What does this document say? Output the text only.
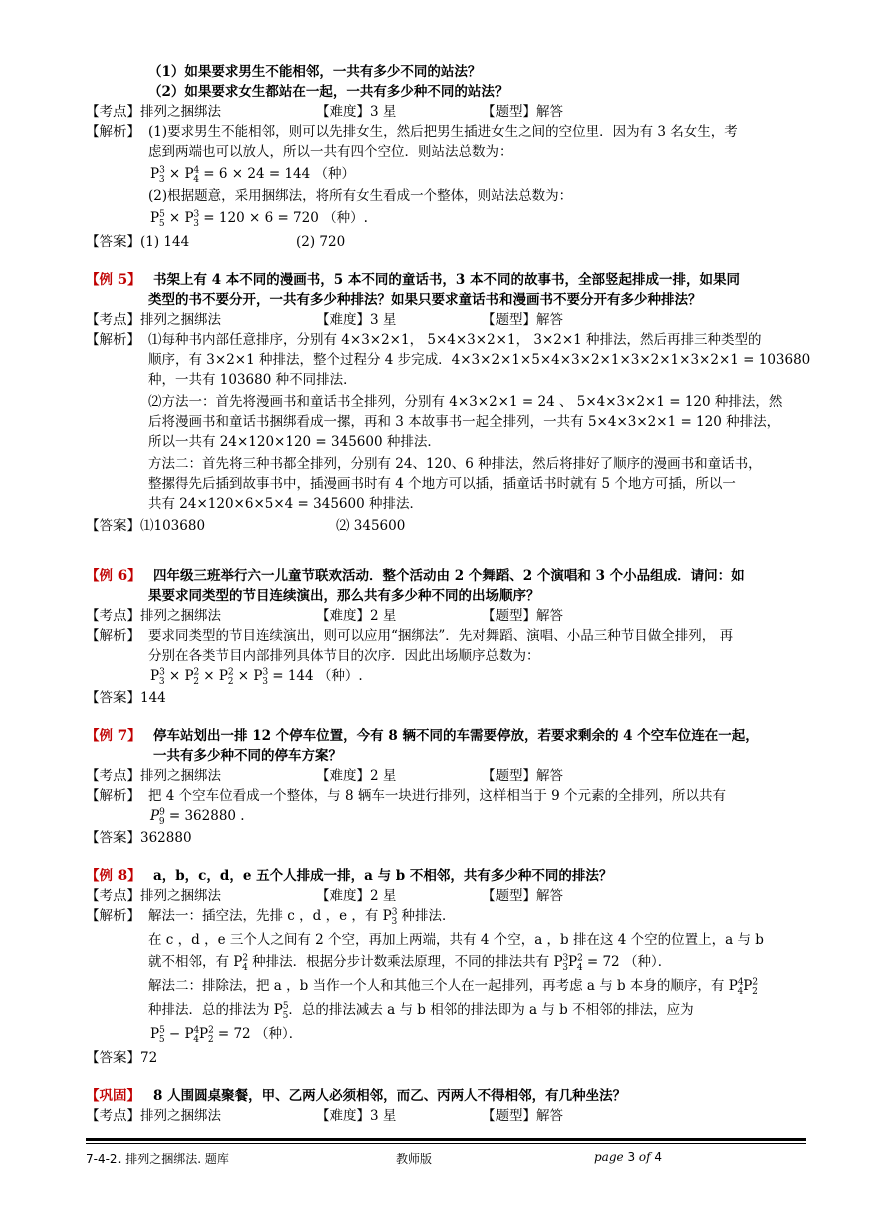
（1）如果要求男生不能相邻，一共有多少不同的站法？
（2）如果要求女生都站在一起，一共有多少种不同的站法？
【考点】排列之捆绑法	【难度】3 星	【题型】解答
【解析】 (1)要求男生不能相邻，则可以先排女生，然后把男生插进女生之间的空位里．因为有 3 名女生，考
虑到两端也可以放人，所以一共有四个空位．则站法总数为：
$P^3_3 \times P^4_4 = 6 \times 24 = 144$ （种）
(2)根据题意，采用捆绑法，将所有女生看成一个整体，则站法总数为：
$P^5_5 \times P^3_3 = 120 \times 6 = 720$ （种）.
【答案】(1) 144	(2) 720
【例 5】 书架上有 4 本不同的漫画书，5 本不同的童话书，3 本不同的故事书，全部竖起排成一排，如果同
类型的书不要分开，一共有多少种排法？如果只要求童话书和漫画书不要分开有多少种排法？
【考点】排列之捆绑法	【难度】3 星	【题型】解答
【解析】 ⑴每种书内部任意排序，分别有 4×3×2×1， 5×4×3×2×1， 3×2×1 种排法，然后再排三种类型的
顺序，有 3×2×1 种排法，整个过程分 4 步完成．4×3×2×1×5×4×3×2×1×3×2×1×3×2×1 = 103680
种，一共有 103680 种不同排法．
⑵方法一：首先将漫画书和童话书全排列，分别有 4×3×2×1 = 24 、 5×4×3×2×1 = 120 种排法，然
后将漫画书和童话书捆绑看成一摞，再和 3 本故事书一起全排列，一共有 5×4×3×2×1 = 120 种排法，
所以一共有 24×120×120 = 345600 种排法．
方法二：首先将三种书都全排列，分别有 24、120、6 种排法，然后将排好了顺序的漫画书和童话书，
整摞得先后插到故事书中，插漫画书时有 4 个地方可以插，插童话书时就有 5 个地方可插，所以一
共有 24×120×6×5×4 = 345600 种排法．
【答案】⑴103680	⑵ 345600
【例 6】 四年级三班举行六一儿童节联欢活动．整个活动由 2 个舞蹈、2 个演唱和 3 个小品组成．请问：如
果要求同类型的节目连续演出，那么共有多少种不同的出场顺序？
【考点】排列之捆绑法	【难度】2 星	【题型】解答
【解析】 要求同类型的节目连续演出，则可以应用“捆绑法”．先对舞蹈、演唱、小品三种节目做全排列， 再
分别在各类节目内部排列具体节目的次序．因此出场顺序总数为：
$P^3_3 \times P^2_2 \times P^2_2 \times P^3_3 = 144$ （种）.
【答案】144
【例 7】 停车站划出一排 12 个停车位置，今有 8 辆不同的车需要停放，若要求剩余的 4 个空车位连在一起，
一共有多少种不同的停车方案？
【考点】排列之捆绑法	【难度】2 星	【题型】解答
【解析】 把 4 个空车位看成一个整体，与 8 辆车一块进行排列，这样相当于 9 个元素的全排列，所以共有
$P^9_9 = 362880$ .
【答案】362880
【例 8】 a，b，c，d，e 五个人排成一排，a 与 b 不相邻，共有多少种不同的排法？
【考点】排列之捆绑法	【难度】2 星	【题型】解答
【解析】 解法一：插空法，先排 c ，d ，e ，有 $P^3_3$ 种排法．
在 c ，d ，e 三个人之间有 2 个空，再加上两端，共有 4 个空，a ，b 排在这 4 个空的位置上，a 与 b
就不相邻，有 $P^2_4$ 种排法．根据分步计数乘法原理，不同的排法共有 $P^3_3P^2_4 = 72$ （种）．
解法二：排除法，把 a ，b 当作一个人和其他三个人在一起排列，再考虑 a 与 b 本身的顺序，有 $P^4_4P^2_2$
种排法．总的排法为 $P^5_5$．总的排法减去 a 与 b 相邻的排法即为 a 与 b 不相邻的排法，应为
$P^5_5 - P^4_4P^2_2 = 72$ （种）．
【答案】72
【巩固】 8 人围圆桌聚餐，甲、乙两人必须相邻，而乙、丙两人不得相邻，有几种坐法？
【考点】排列之捆绑法	【难度】3 星	【题型】解答
7-4-2. 排列之捆绑法. 题库	教师版	page 3 of 4
